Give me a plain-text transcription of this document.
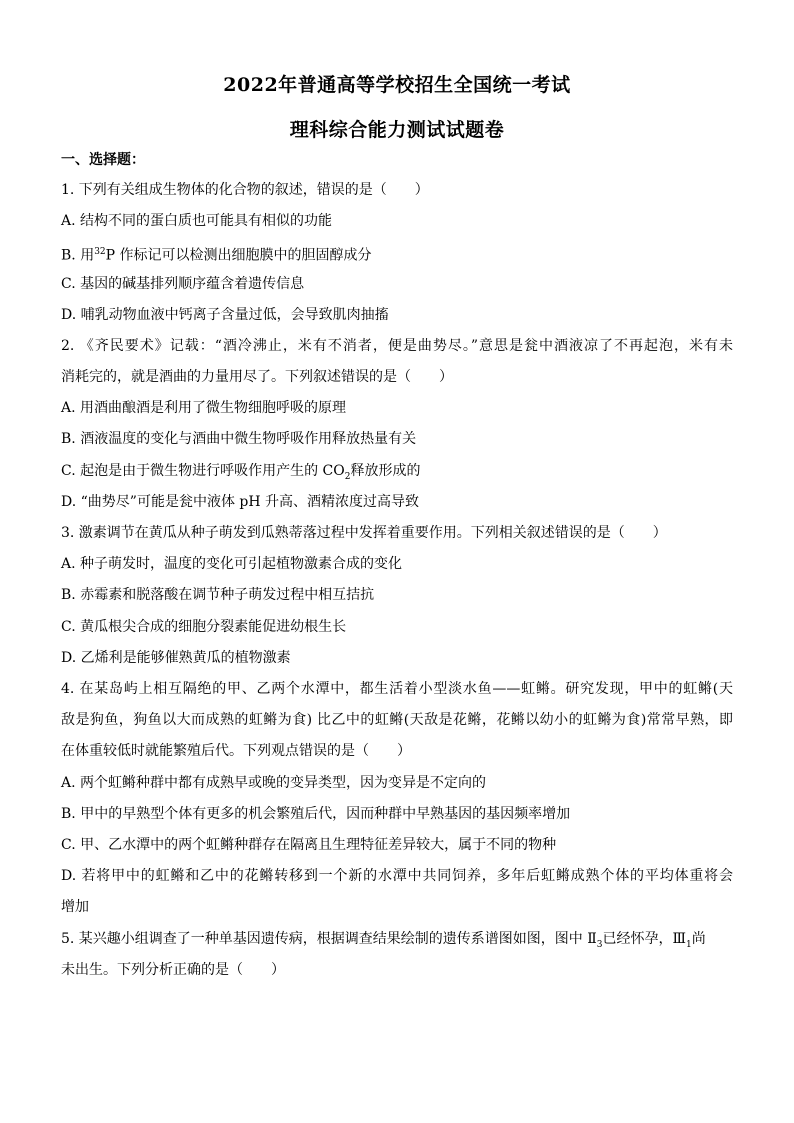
2022年普通高等学校招生全国统一考试
理科综合能力测试试题卷
一、选择题：
1. 下列有关组成生物体的化合物的叙述，错误的是（　　）
A. 结构不同的蛋白质也可能具有相似的功能
B. 用$^{32}$P 作标记可以检测出细胞膜中的胆固醇成分
C. 基因的碱基排列顺序蕴含着遗传信息
D. 哺乳动物血液中钙离子含量过低，会导致肌肉抽搐
2. 《齐民要术》记载：“酒冷沸止，米有不消者，便是曲势尽。”意思是瓮中酒液凉了不再起泡，米有未
消耗完的，就是酒曲的力量用尽了。下列叙述错误的是（　　）
A. 用酒曲酿酒是利用了微生物细胞呼吸的原理
B. 酒液温度的变化与酒曲中微生物呼吸作用释放热量有关
C. 起泡是由于微生物进行呼吸作用产生的 $CO_2$释放形成的
D. “曲势尽”可能是瓮中液体 pH 升高、酒精浓度过高导致
3. 激素调节在黄瓜从种子萌发到瓜熟蒂落过程中发挥着重要作用。下列相关叙述错误的是（　　）
A. 种子萌发时，温度的变化可引起植物激素合成的变化
B. 赤霉素和脱落酸在调节种子萌发过程中相互拮抗
C. 黄瓜根尖合成的细胞分裂素能促进幼根生长
D. 乙烯利是能够催熟黄瓜的植物激素
4. 在某岛屿上相互隔绝的甲、乙两个水潭中，都生活着小型淡水鱼——虹鳉。研究发现，甲中的虹鳉(天
敌是狗鱼，狗鱼以大而成熟的虹鳉为食) 比乙中的虹鳉(天敌是花鳉，花鳉以幼小的虹鳉为食)常常早熟，即
在体重较低时就能繁殖后代。下列观点错误的是（　　）
A. 两个虹鳉种群中都有成熟早或晚的变异类型，因为变异是不定向的
B. 甲中的早熟型个体有更多的机会繁殖后代，因而种群中早熟基因的基因频率增加
C. 甲、乙水潭中的两个虹鳉种群存在隔离且生理特征差异较大，属于不同的物种
D. 若将甲中的虹鳉和乙中的花鳉转移到一个新的水潭中共同饲养，多年后虹鳉成熟个体的平均体重将会
增加
5. 某兴趣小组调查了一种单基因遗传病，根据调查结果绘制的遗传系谱图如图，图中 $Ⅱ_3$已经怀孕，$Ⅲ_1$尚
未出生。下列分析正确的是（　　）
